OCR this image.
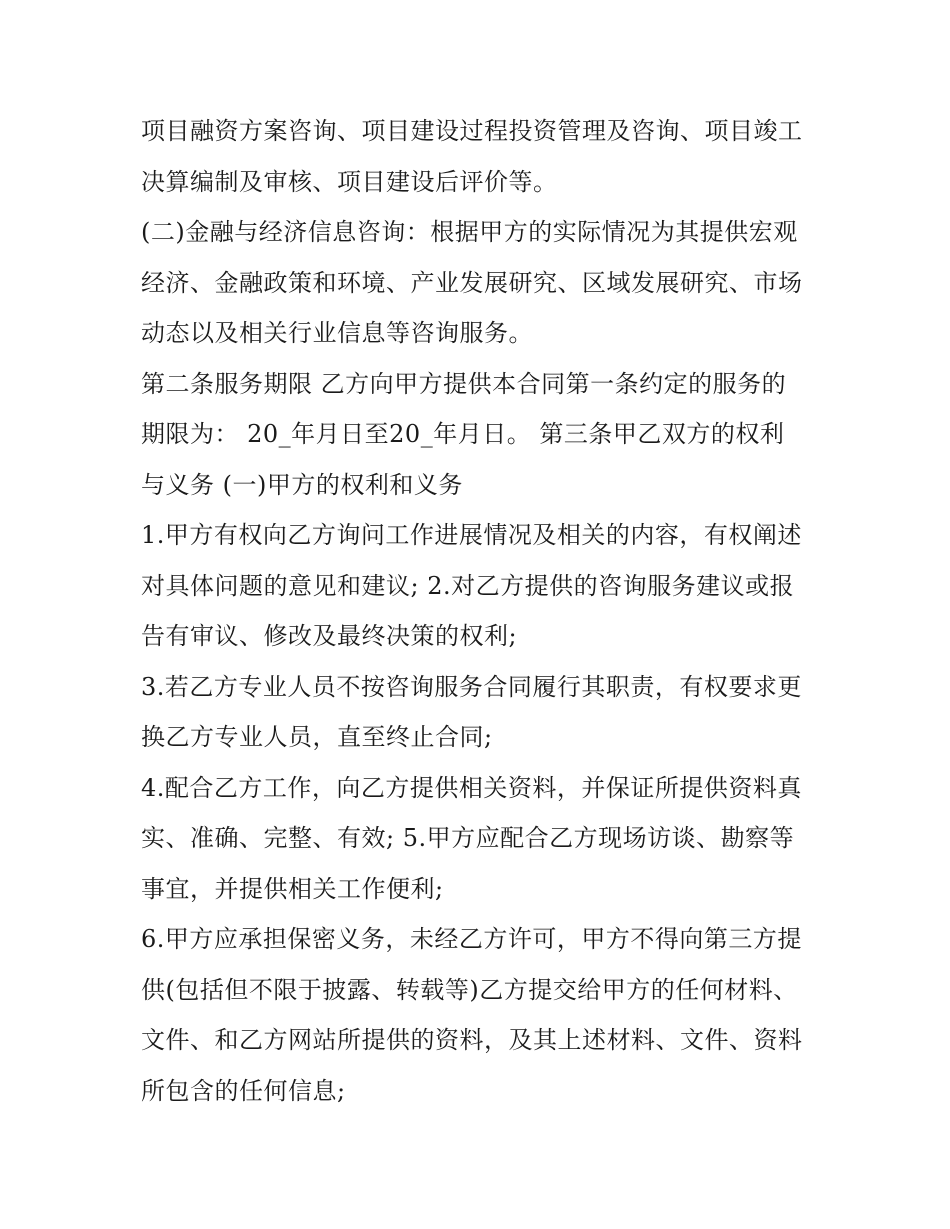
项目融资方案咨询、项目建设过程投资管理及咨询、项目竣工
决算编制及审核、项目建设后评价等。
(二)金融与经济信息咨询：根据甲方的实际情况为其提供宏观
经济、金融政策和环境、产业发展研究、区域发展研究、市场
动态以及相关行业信息等咨询服务。
第二条服务期限 乙方向甲方提供本合同第一条约定的服务的
期限为： 20_年月日至20_年月日。 第三条甲乙双方的权利
与义务 (一)甲方的权利和义务
1.甲方有权向乙方询问工作进展情况及相关的内容，有权阐述
对具体问题的意见和建议; 2.对乙方提供的咨询服务建议或报
告有审议、修改及最终决策的权利;
3.若乙方专业人员不按咨询服务合同履行其职责，有权要求更
换乙方专业人员，直至终止合同;
4.配合乙方工作，向乙方提供相关资料，并保证所提供资料真
实、准确、完整、有效; 5.甲方应配合乙方现场访谈、勘察等
事宜，并提供相关工作便利;
6.甲方应承担保密义务，未经乙方许可，甲方不得向第三方提
供(包括但不限于披露、转载等)乙方提交给甲方的任何材料、
文件、和乙方网站所提供的资料，及其上述材料、文件、资料
所包含的任何信息;
